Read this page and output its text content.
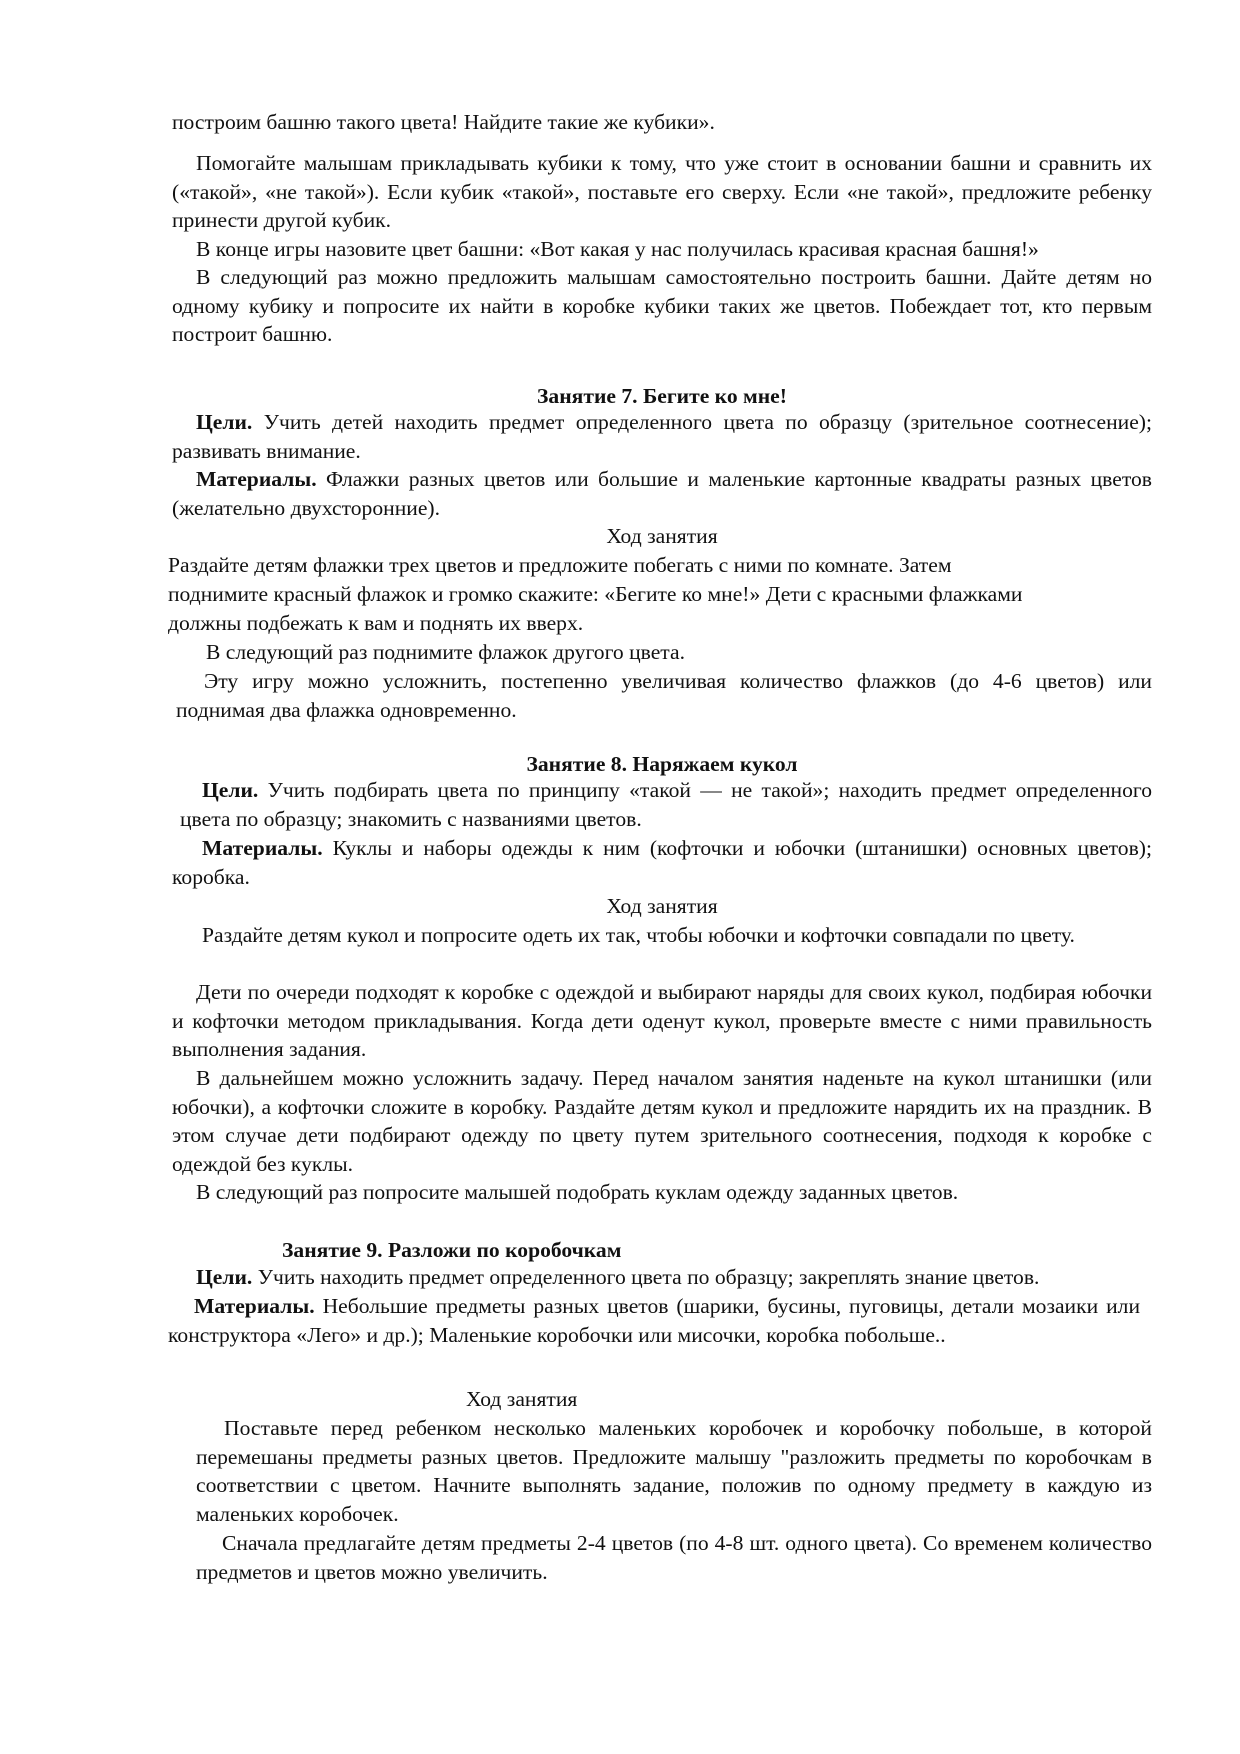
построим башню такого цвета! Найдите такие же кубики».

Помогайте малышам прикладывать кубики к тому, что уже стоит в основании башни и сравнить их («такой», «не такой»). Если кубик «такой», поставьте его сверху. Если «не такой», предложите ребенку принести другой кубик.

В конце игры назовите цвет башни: «Вот какая у нас получилась красивая красная башня!»

В следующий раз можно предложить малышам самостоятельно построить башни. Дайте детям но одному кубику и попросите их найти в коробке кубики таких же цветов. Побеждает тот, кто первым построит башню.

Занятие 7. Бегите ко мне!

Цели. Учить детей находить предмет определенного цвета по образцу (зрительное соотнесение); развивать внимание.

Материалы. Флажки разных цветов или большие и маленькие картонные квадраты разных цветов (желательно двухсторонние).

Ход занятия

Раздайте детям флажки трех цветов и предложите побегать с ними по комнате. Затем

поднимите красный флажок и громко скажите: «Бегите ко мне!» Дети с красными флажками

должны подбежать к вам и поднять их вверх.

В следующий раз поднимите флажок другого цвета.

Эту игру можно усложнить, постепенно увеличивая количество флажков (до 4-6 цветов) или поднимая два флажка одновременно.

Занятие 8. Наряжаем кукол

Цели. Учить подбирать цвета по принципу «такой — не такой»; находить предмет определенного цвета по образцу; знакомить с названиями цветов.

Материалы. Куклы и наборы одежды к ним (кофточки и юбочки (штанишки) основных цветов); коробка.

Ход занятия

Раздайте детям кукол и попросите одеть их так, чтобы юбочки и кофточки совпадали по цвету.

Дети по очереди подходят к коробке с одеждой и выбирают наряды для своих кукол, подбирая юбочки и кофточки методом прикладывания. Когда дети оденут кукол, проверьте вместе с ними правильность выполнения задания.

В дальнейшем можно усложнить задачу. Перед началом занятия наденьте на кукол штанишки (или юбочки), а кофточки сложите в коробку. Раздайте детям кукол и предложите нарядить их на праздник. В этом случае дети подбирают одежду по цвету путем зрительного соотнесения, подходя к коробке с одеждой без куклы.

В следующий раз попросите малышей подобрать куклам одежду заданных цветов.

Занятие 9. Разложи по коробочкам

Цели. Учить находить предмет определенного цвета по образцу; закреплять знание цветов.

Материалы. Небольшие предметы разных цветов (шарики, бусины, пуговицы, детали мозаики или конструктора «Лего» и др.); Маленькие коробочки или мисочки, коробка побольше..

Ход занятия

Поставьте перед ребенком несколько маленьких коробочек и коробочку побольше, в которой перемешаны предметы разных цветов. Предложите малышу "разложить предметы по коробочкам в соответствии с цветом. Начните выполнять задание, положив по одному предмету в каждую из маленьких коробочек.

Сначала предлагайте детям предметы 2-4 цветов (по 4-8 шт. одного цвета). Со временем количество предметов и цветов можно увеличить.
